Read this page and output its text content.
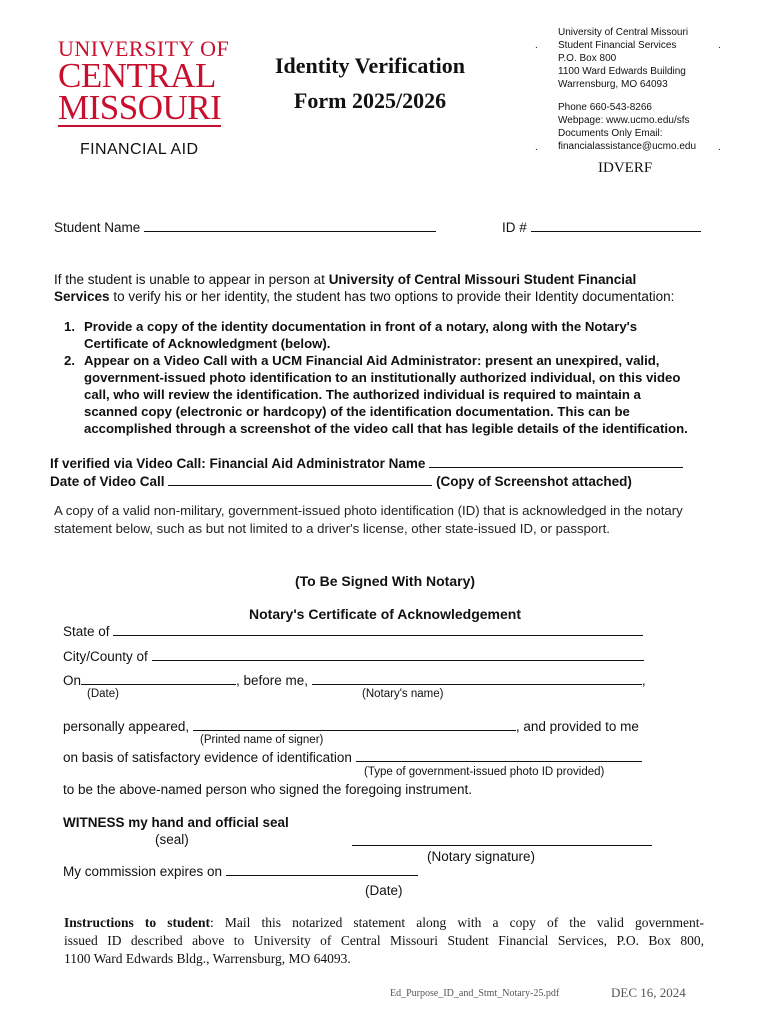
UNIVERSITY OF
CENTRAL
MISSOURI
FINANCIAL AID
Identity Verification
Form 2025/2026
.	.
.	.
University of Central Missouri
Student Financial Services
P.O. Box 800
1100 Ward Edwards Building
Warrensburg, MO 64093
Phone 660-543-8266
Webpage: www.ucmo.edu/sfs
Documents Only Email:
financialassistance@ucmo.edu
IDVERF
Student Name	ID #
If the student is unable to appear in person at University of Central Missouri Student Financial
Services to verify his or her identity, the student has two options to provide their Identity documentation:
1. Provide a copy of the identity documentation in front of a notary, along with the Notary's
Certificate of Acknowledgment (below).
2. Appear on a Video Call with a UCM Financial Aid Administrator: present an unexpired, valid,
government-issued photo identification to an institutionally authorized individual, on this video
call, who will review the identification. The authorized individual is required to maintain a
scanned copy (electronic or hardcopy) of the identification documentation. This can be
accomplished through a screenshot of the video call that has legible details of the identification.
If verified via Video Call: Financial Aid Administrator Name
Date of Video Call	(Copy of Screenshot attached)
A copy of a valid non-military, government-issued photo identification (ID) that is acknowledged in the notary
statement below, such as but not limited to a driver's license, other state-issued ID, or passport.
(To Be Signed With Notary)
Notary's Certificate of Acknowledgement
State of
City/County of
On	, before me,	,
(Date)	(Notary's name)
personally appeared,	, and provided to me
(Printed name of signer)
on basis of satisfactory evidence of identification
(Type of government-issued photo ID provided)
to be the above-named person who signed the foregoing instrument.
WITNESS my hand and official seal
(seal)
(Notary signature)
My commission expires on
(Date)
Instructions to student: Mail this notarized statement along with a copy of the valid government-
issued ID described above to University of Central Missouri Student Financial Services, P.O. Box 800,
1100 Ward Edwards Bldg., Warrensburg, MO 64093.
Ed_Purpose_ID_and_Stmt_Notary-25.pdf	DEC 16, 2024
